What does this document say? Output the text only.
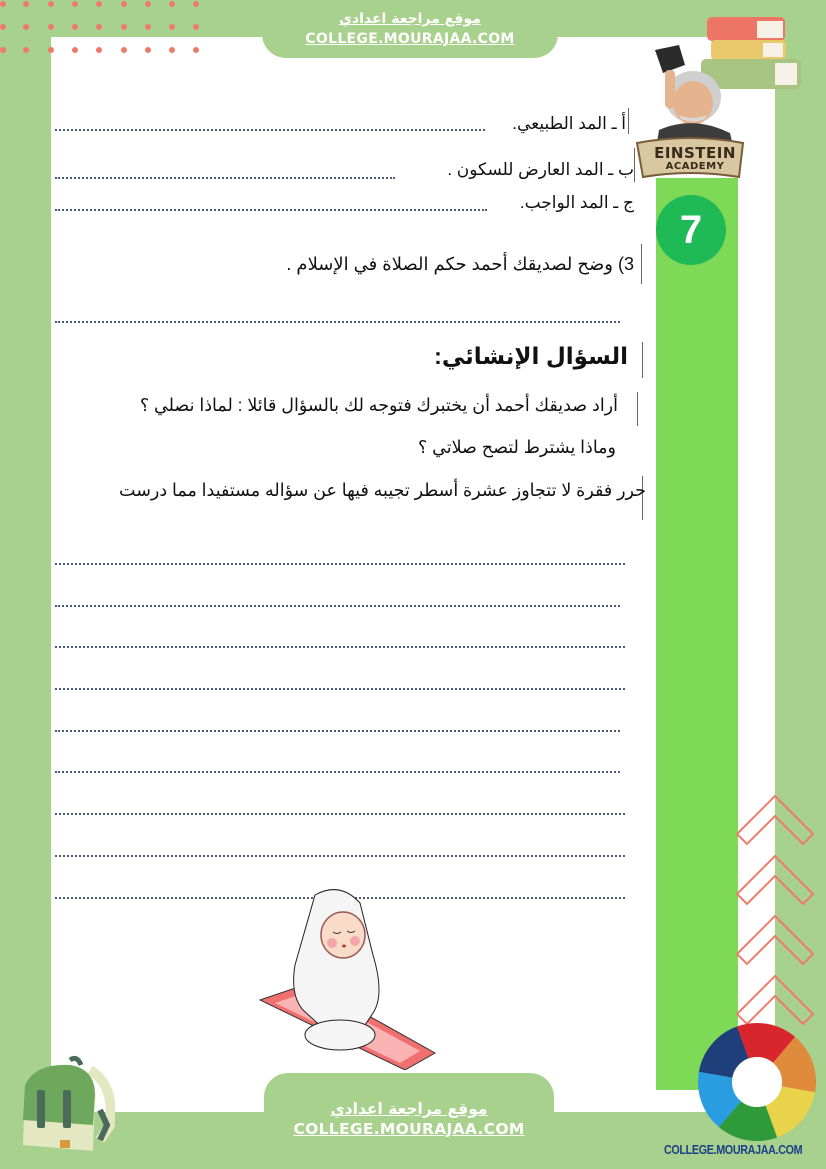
موقع مراجعة اعدادي
COLLEGE.MOURAJAA.COM
EINSTEIN
ACADEMY
7
أ ـ المد الطبيعي.
ب ـ المد العارض للسكون .
ج ـ المد الواجب.
3) وضح لصديقك أحمد حكم الصلاة في الإسلام .
السؤال الإنشائي:
أراد صديقك أحمد أن يختبرك فتوجه لك بالسؤال قائلا : لماذا نصلي ؟
وماذا يشترط لتصح صلاتي ؟
حرر فقرة لا تتجاوز عشرة أسطر تجيبه فيها عن سؤاله مستفيدا مما درست
COLLEGE.MOURAJAA.COM
موقع مراجعة اعدادي
COLLEGE.MOURAJAA.COM
